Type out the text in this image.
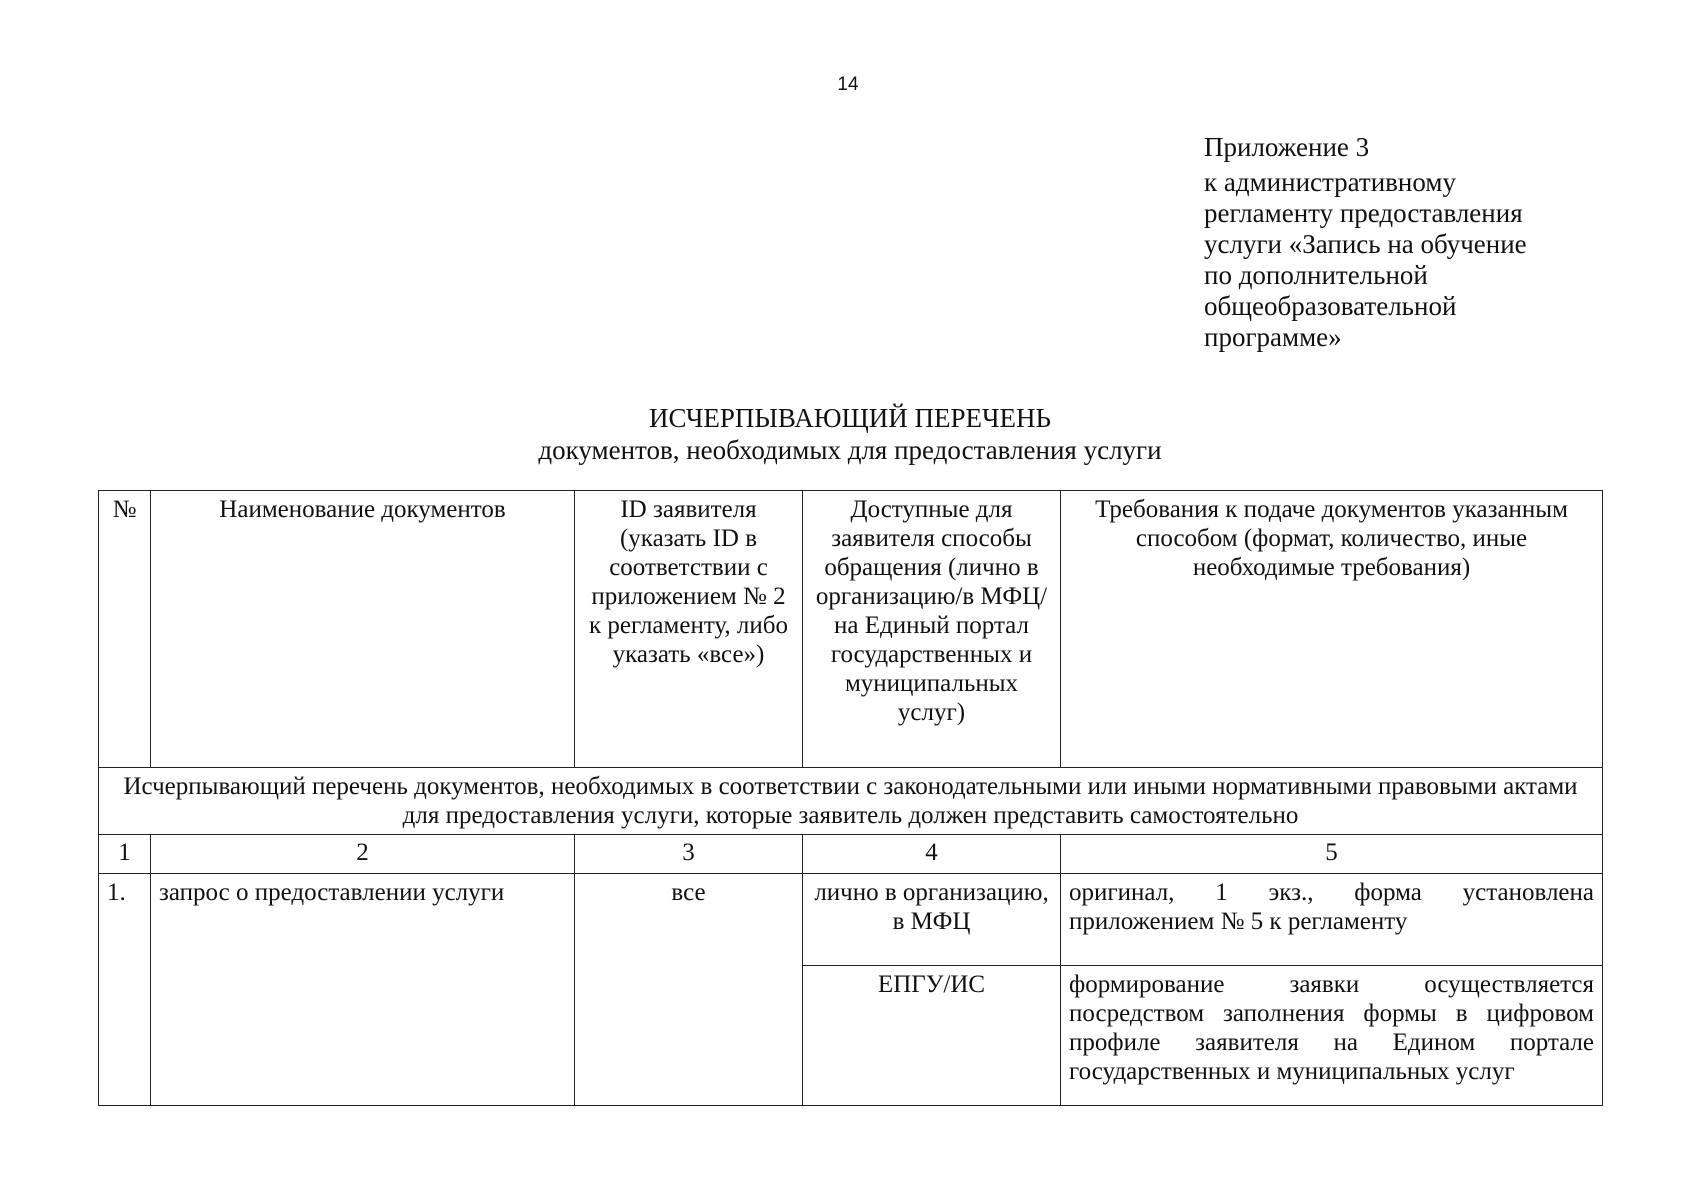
14
Приложение 3
к административному
регламенту предоставления
услуги «Запись на обучение
по дополнительной
общеобразовательной
программе»
ИСЧЕРПЫВАЮЩИЙ ПЕРЕЧЕНЬ
документов, необходимых для предоставления услуги
№	Наименование документов	ID заявителя (указать ID в соответствии с приложением № 2 к регламенту, либо указать «все»)	Доступные для заявителя способы обращения (лично в организацию/в МФЦ/на Единый портал государственных и муниципальных услуг)	Требования к подаче документов указанным способом (формат, количество, иные необходимые требования)
Исчерпывающий перечень документов, необходимых в соответствии с законодательными или иными нормативными правовыми актами для предоставления услуги, которые заявитель должен представить самостоятельно				
1	2	3	4	5
1.	запрос о предоставлении услуги	все	лично в организацию, в МФЦ	оригинал, 1 экз., форма установлена приложением № 5 к регламенту
			ЕПГУ/ИС	формирование заявки осуществляется посредством заполнения формы в цифровом профиле заявителя на Едином портале государственных и муниципальных услуг
